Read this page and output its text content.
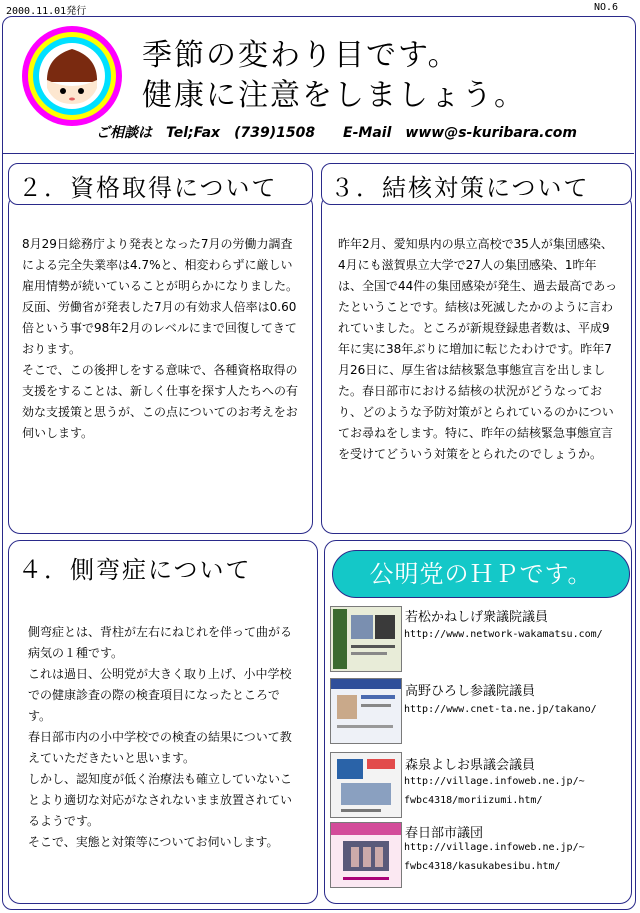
2000.11.01発行	NO.6
季節の変わり目です。
健康に注意をしましょう。
ご相談は　Tel;Fax　(739)1508　　E-Mail　www@s-kuribara.com
２．資格取得について

8月29日総務庁より発表となった7月の労働力調査による完全失業率は4.7%と、相変わらずに厳しい雇用情勢が続いていることが明らかになりました。

反面、労働省が発表した7月の有効求人倍率は0.60倍という事で98年2月のレベルにまで回復してきております。

そこで、この後押しをする意味で、各種資格取得の支援をすることは、新しく仕事を探す人たちへの有効な支援策と思うが、この点についてのお考えをお伺いします。

３．結核対策について

昨年2月、愛知県内の県立高校で35人が集団感染、4月にも滋賀県立大学で27人の集団感染、1昨年は、全国で44件の集団感染が発生、過去最高であったということです。結核は死滅したかのように言われていました。ところが新規登録患者数は、平成9年に実に38年ぶりに増加に転じたわけです。昨年7月26日に、厚生省は結核緊急事態宣言を出しました。春日部市における結核の状況がどうなっており、どのような予防対策がとられているのかについてお尋ねをします。特に、昨年の結核緊急事態宣言を受けてどういう対策をとられたのでしょうか。

４．側弯症について

側弯症とは、背柱が左右にねじれを伴って曲がる病気の１種です。

これは過日、公明党が大きく取り上げ、小中学校での健康診査の際の検査項目になったところです。

春日部市内の小中学校での検査の結果について教えていただきたいと思います。

しかし、認知度が低く治療法も確立していないことより適切な対応がなされないまま放置されているようです。

そこで、実態と対策等についてお伺いします。

公明党のＨＰです。
若松かねしげ衆議院議員
http://www.network-wakamatsu.com/
高野ひろし参議院議員
http://www.cnet-ta.ne.jp/takano/
森泉よしお県議会議員
http://village.infoweb.ne.jp/~
fwbc4318/moriizumi.htm/
春日部市議団
http://village.infoweb.ne.jp/~
fwbc4318/kasukabesibu.htm/
